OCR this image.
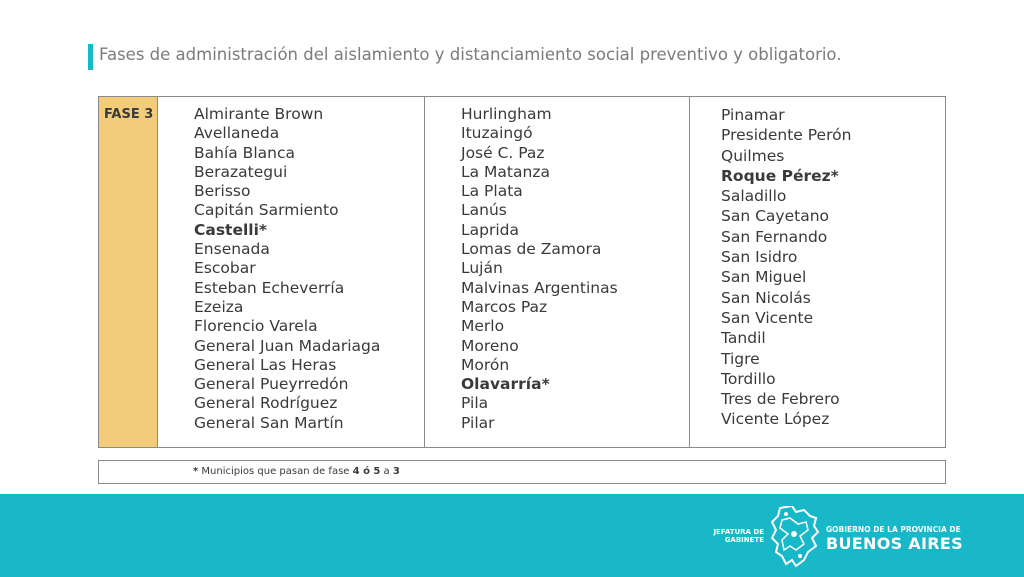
Fases de administración del aislamiento y distanciamiento social preventivo y obligatorio.
FASE 3	Almirante Brown
Avellaneda
Bahía Blanca
Berazategui
Berisso
Capitán Sarmiento
Castelli*
Ensenada
Escobar
Esteban Echeverría
Ezeiza
Florencio Varela
General Juan Madariaga
General Las Heras
General Pueyrredón
General Rodríguez
General San Martín
Hurlingham
Ituzaingó
José C. Paz
La Matanza
La Plata
Lanús
Laprida
Lomas de Zamora
Luján
Malvinas Argentinas
Marcos Paz
Merlo
Moreno
Morón
Olavarría*
Pila
Pilar
Pinamar
Presidente Perón
Quilmes
Roque Pérez*
Saladillo
San Cayetano
San Fernando
San Isidro
San Miguel
San Nicolás
San Vicente
Tandil
Tigre
Tordillo
Tres de Febrero
Vicente López
* Municipios que pasan de fase 4 ó 5 a 3
JEFATURA DE
GABINETE
GOBIERNO DE LA PROVINCIA DE
BUENOS AIRES
